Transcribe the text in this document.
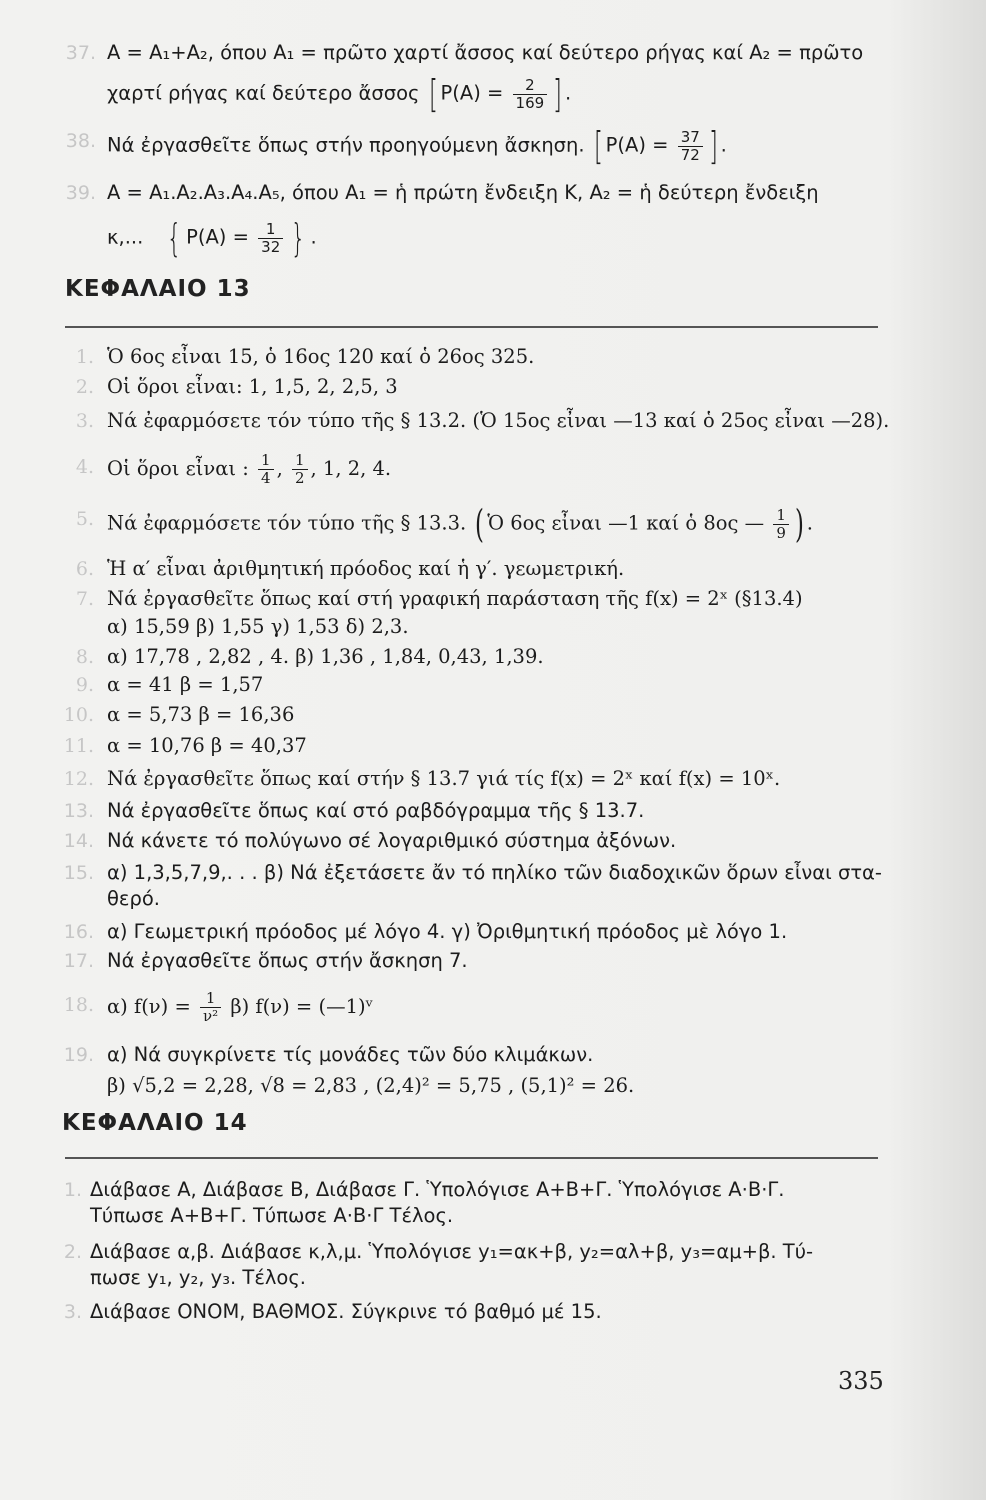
37. A = A₁+A₂, όπου A₁ = πρῶτο χαρτί ἄσσος καί δεύτερο ρήγας καί A₂ = πρῶτο
χαρτί ρήγας καί δεύτερο ἄσσος [ $P(A) = \frac{2}{169}$ ] .
38. Νά ἐργασθεῖτε ὅπως στήν προηγούμενη ἄσκηση. [ $P(A) = \frac{37}{72}$ ] .
39. A = A₁.A₂.A₃.A₄.A₅, όπου A₁ = ἡ πρώτη ἔνδειξη K, A₂ = ἡ δεύτερη ἔνδειξη
κ,... { $P(A) = \frac{1}{32}$ } .
ΚΕΦΑΛΑΙΟ 13
1. Ὁ 6ος εἶναι 15, ὁ 16ος 120 καί ὁ 26ος 325.
2. Οἱ ὅροι εἶναι: 1, 1,5, 2, 2,5, 3
3. Νά ἐφαρμόσετε τόν τύπο τῆς § 13.2. (Ὁ 15ος εἶναι —13 καί ὁ 25ος εἶναι —28).
4. Οἱ ὅροι εἶναι : $\frac{1}{4}$ , $\frac{1}{2}$ , 1, 2, 4.
5. Νά ἐφαρμόσετε τόν τύπο τῆς § 13.3. ( Ὁ 6ος εἶναι —1 καί ὁ 8ος — $\frac{1}{9}$ ) .
6. Ἡ α′ εἶναι ἀριθμητική πρόοδος καί ἡ γ′. γεωμετρική.
7. Νά ἐργασθεῖτε ὅπως καί στή γραφική παράσταση τῆς f(x) = 2ˣ (§13.4)
α) 15,59 β) 1,55 γ) 1,53 δ) 2,3.
8. α) 17,78 , 2,82 , 4. β) 1,36 , 1,84, 0,43, 1,39.
9. α = 41 β = 1,57
10. α = 5,73 β = 16,36
11. α = 10,76 β = 40,37
12. Νά ἐργασθεῖτε ὅπως καί στήν § 13.7 γιά τίς f(x) = 2ˣ καί f(x) = 10ˣ.
13. Νά ἐργασθεῖτε ὅπως καί στό ραβδόγραμμα τῆς § 13.7.
14. Νά κάνετε τό πολύγωνο σέ λογαριθμικό σύστημα ἀξόνων.
15. α) 1,3,5,7,9,. . . β) Νά ἐξετάσετε ἄν τό πηλίκο τῶν διαδοχικῶν ὅρων εἶναι στα-
θερό.
16. α) Γεωμετρική πρόοδος μέ λόγο 4. γ) Ὀριθμητική πρόοδος μὲ λόγο 1.
17. Νά ἐργασθεῖτε ὅπως στήν ἄσκηση 7.
18. α) $f(\nu) = \frac{1}{\text{ν²}} \beta$) f(ν) = (—1)ᵛ
19. α) Νά συγκρίνετε τίς μονάδες τῶν δύο κλιμάκων.
β) √5,2 = 2,28, √8 = 2,83 , (2,4)² = 5,75 , (5,1)² = 26.
ΚΕΦΑΛΑΙΟ 14
1. Διάβασε A, Διάβασε B, Διάβασε Γ. Ὑπολόγισε A+B+Γ. Ὑπολόγισε A·B·Γ.
Τύπωσε A+B+Γ. Τύπωσε A·B·Γ Τέλος.
2. Διάβασε α,β. Διάβασε κ,λ,μ. Ὑπολόγισε y₁=ακ+β, y₂=αλ+β, y₃=αμ+β. Τύ-
πωσε y₁, y₂, y₃. Τέλος.
3. Διάβασε ΟΝΟΜ, ΒΑΘΜΟΣ. Σύγκρινε τό βαθμό μέ 15.
335
